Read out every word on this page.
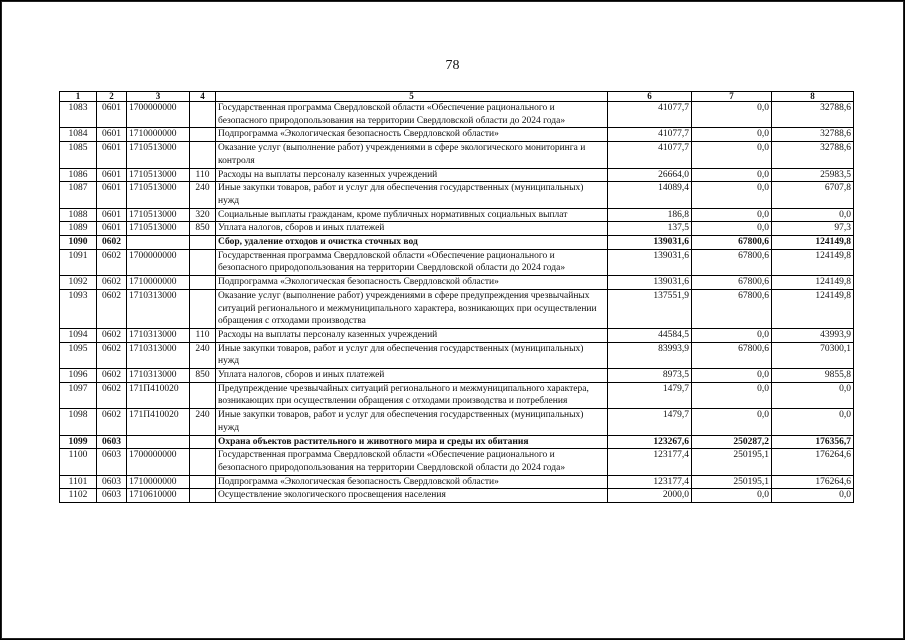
78
1	2	3	4	5	6	7	8
1083	0601	1700000000		Государственная программа Свердловской области «Обеспечение рационального и безопасного природопользования на территории Свердловской области до 2024 года»	41077,7	0,0	32788,6
1084	0601	1710000000		Подпрограмма «Экологическая безопасность Свердловской области»	41077,7	0,0	32788,6
1085	0601	1710513000		Оказание услуг (выполнение работ) учреждениями в сфере экологического мониторинга и контроля	41077,7	0,0	32788,6
1086	0601	1710513000	110	Расходы на выплаты персоналу казенных учреждений	26664,0	0,0	25983,5
1087	0601	1710513000	240	Иные закупки товаров, работ и услуг для обеспечения государственных (муниципальных) нужд	14089,4	0,0	6707,8
1088	0601	1710513000	320	Социальные выплаты гражданам, кроме публичных нормативных социальных выплат	186,8	0,0	0,0
1089	0601	1710513000	850	Уплата налогов, сборов и иных платежей	137,5	0,0	97,3
1090	0602			Сбор, удаление отходов и очистка сточных вод	139031,6	67800,6	124149,8
1091	0602	1700000000		Государственная программа Свердловской области «Обеспечение рационального и безопасного природопользования на территории Свердловской области до 2024 года»	139031,6	67800,6	124149,8
1092	0602	1710000000		Подпрограмма «Экологическая безопасность Свердловской области»	139031,6	67800,6	124149,8
1093	0602	1710313000		Оказание услуг (выполнение работ) учреждениями в сфере предупреждения чрезвычайных ситуаций регионального и межмуниципального характера, возникающих при осуществлении обращения с отходами производства	137551,9	67800,6	124149,8
1094	0602	1710313000	110	Расходы на выплаты персоналу казенных учреждений	44584,5	0,0	43993,9
1095	0602	1710313000	240	Иные закупки товаров, работ и услуг для обеспечения государственных (муниципальных) нужд	83993,9	67800,6	70300,1
1096	0602	1710313000	850	Уплата налогов, сборов и иных платежей	8973,5	0,0	9855,8
1097	0602	171П410020		Предупреждение чрезвычайных ситуаций регионального и межмуниципального характера, возникающих при осуществлении обращения с отходами производства и потребления	1479,7	0,0	0,0
1098	0602	171П410020	240	Иные закупки товаров, работ и услуг для обеспечения государственных (муниципальных) нужд	1479,7	0,0	0,0
1099	0603			Охрана объектов растительного и животного мира и среды их обитания	123267,6	250287,2	176356,7
1100	0603	1700000000		Государственная программа Свердловской области «Обеспечение рационального и безопасного природопользования на территории Свердловской области до 2024 года»	123177,4	250195,1	176264,6
1101	0603	1710000000		Подпрограмма «Экологическая безопасность Свердловской области»	123177,4	250195,1	176264,6
1102	0603	1710610000		Осуществление экологического просвещения населения	2000,0	0,0	0,0
